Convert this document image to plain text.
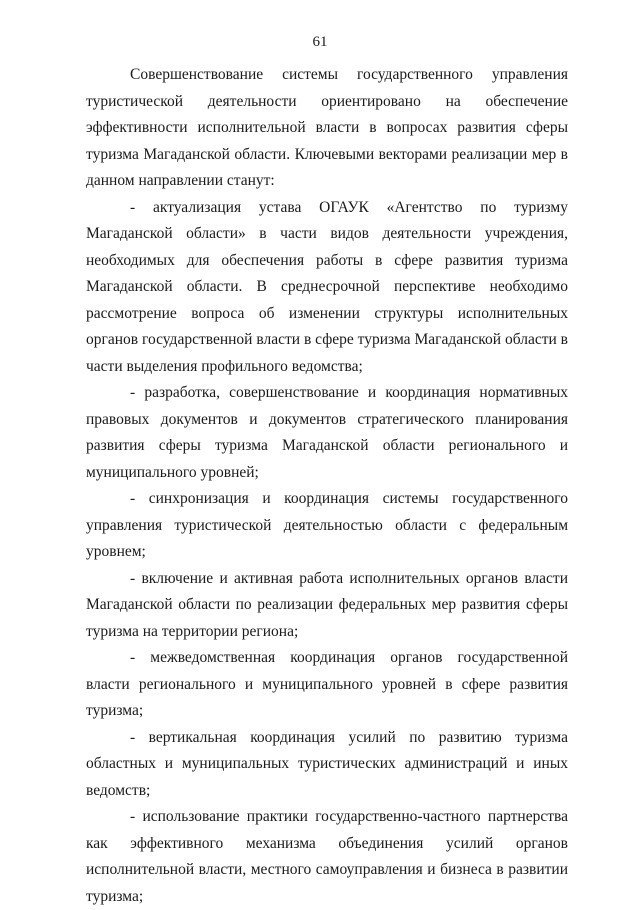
61

Совершенствование системы государственного управления туристической деятельности ориентировано на обеспечение эффективности исполнительной власти в вопросах развития сферы туризма Магаданской области. Ключевыми векторами реализации мер в данном направлении станут:

- актуализация устава ОГАУК «Агентство по туризму Магаданской области» в части видов деятельности учреждения, необходимых для обеспечения работы в сфере развития туризма Магаданской области. В среднесрочной перспективе необходимо рассмотрение вопроса об изменении структуры исполнительных органов государственной власти в сфере туризма Магаданской области в части выделения профильного ведомства;

- разработка, совершенствование и координация нормативных правовых документов и документов стратегического планирования развития сферы туризма Магаданской области регионального и муниципального уровней;

- синхронизация и координация системы государственного управления туристической деятельностью области с федеральным уровнем;

- включение и активная работа исполнительных органов власти Магаданской области по реализации федеральных мер развития сферы туризма на территории региона;

- межведомственная координация органов государственной власти регионального и муниципального уровней в сфере развития туризма;

- вертикальная координация усилий по развитию туризма областных и муниципальных туристических администраций и иных ведомств;

- использование практики государственно-частного партнерства как эффективного механизма объединения усилий органов исполнительной власти, местного самоуправления и бизнеса в развитии туризма;
